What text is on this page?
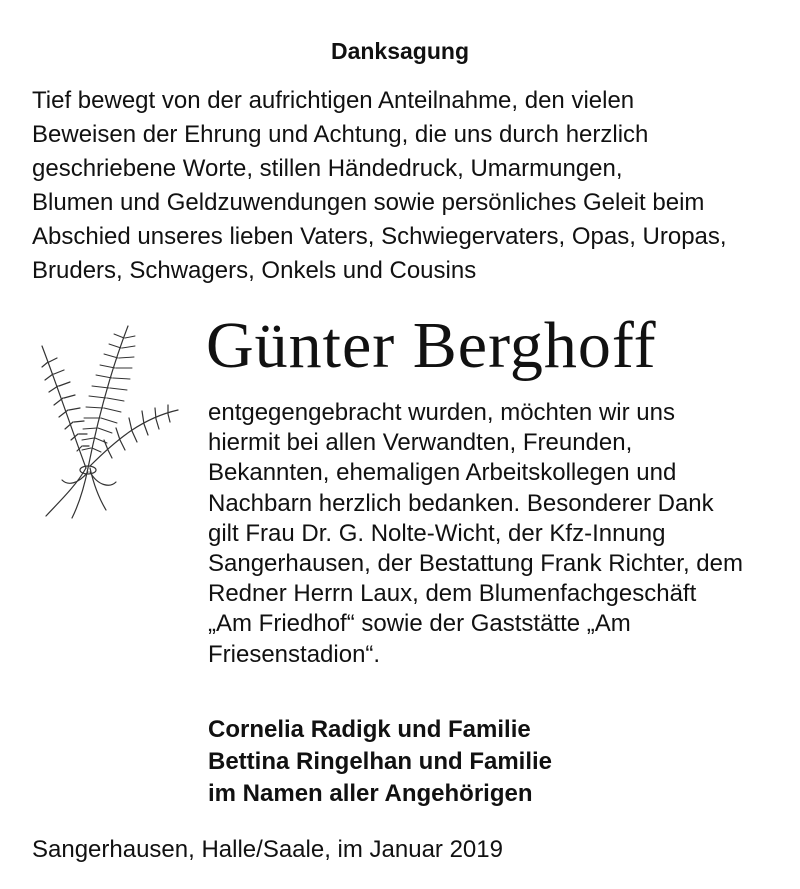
Danksagung
Tief bewegt von der aufrichtigen Anteilnahme, den vielen
Beweisen der Ehrung und Achtung, die uns durch herzlich
geschriebene Worte, stillen Händedruck, Umarmungen,
Blumen und Geldzuwendungen sowie persönliches Geleit beim
Abschied unseres lieben Vaters, Schwiegervaters, Opas, Uropas,
Bruders, Schwagers, Onkels und Cousins
Günter Berghoff
entgegengebracht wurden, möchten wir uns
hiermit bei allen Verwandten, Freunden,
Bekannten, ehemaligen Arbeitskollegen und
Nachbarn herzlich bedanken. Besonderer Dank
gilt Frau Dr. G. Nolte-Wicht, der Kfz-Innung
Sangerhausen, der Bestattung Frank Richter, dem
Redner Herrn Laux, dem Blumenfachgeschäft
„Am Friedhof“ sowie der Gaststätte „Am
Friesenstadion“.
Cornelia Radigk und Familie
Bettina Ringelhan und Familie
im Namen aller Angehörigen
Sangerhausen, Halle/Saale, im Januar 2019
